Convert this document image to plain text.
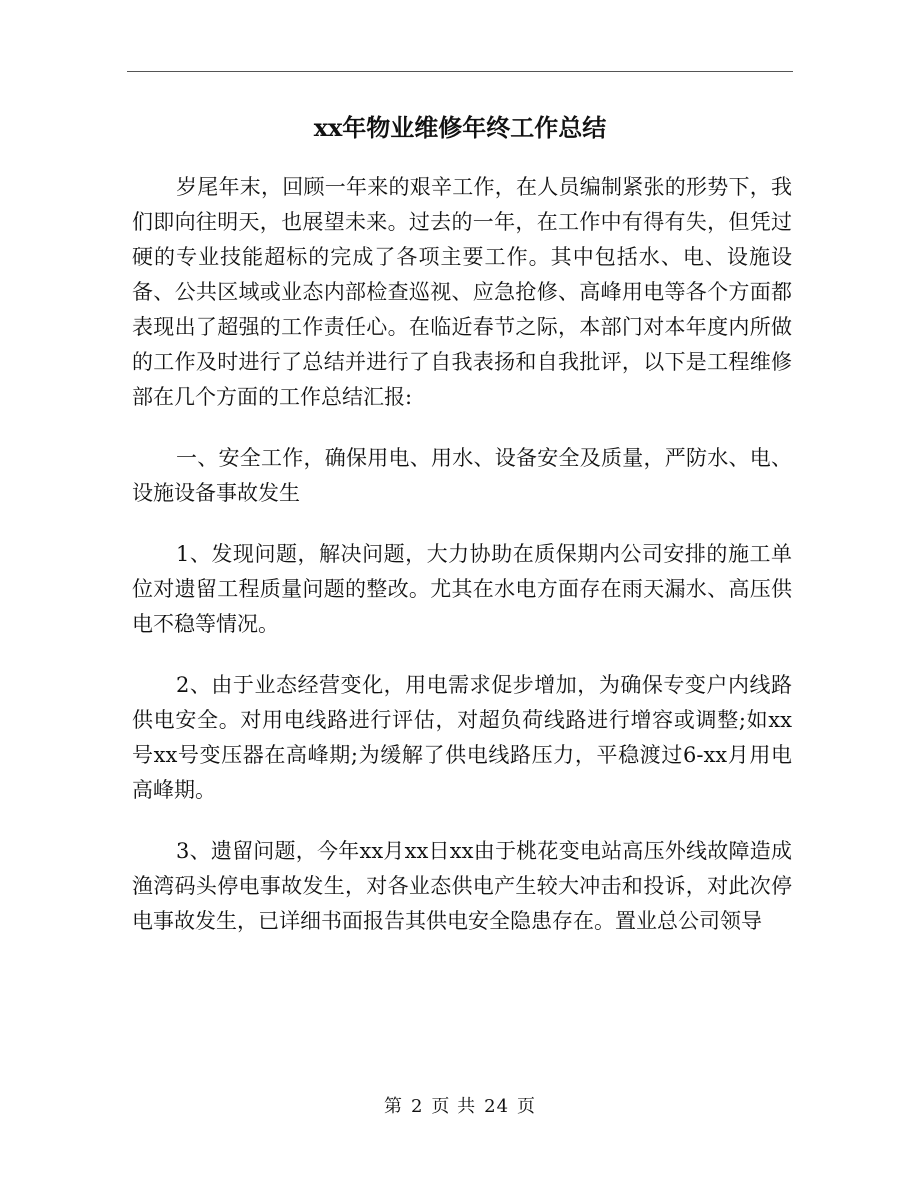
xx年物业维修年终工作总结

岁尾年末，回顾一年来的艰辛工作，在人员编制紧张的形势下，我们即向往明天，也展望未来。过去的一年，在工作中有得有失，但凭过硬的专业技能超标的完成了各项主要工作。其中包括水、电、设施设备、公共区域或业态内部检查巡视、应急抢修、高峰用电等各个方面都表现出了超强的工作责任心。在临近春节之际，本部门对本年度内所做的工作及时进行了总结并进行了自我表扬和自我批评，以下是工程维修部在几个方面的工作总结汇报:

一、安全工作，确保用电、用水、设备安全及质量，严防水、电、设施设备事故发生

1、发现问题，解决问题，大力协助在质保期内公司安排的施工单位对遗留工程质量问题的整改。尤其在水电方面存在雨天漏水、高压供电不稳等情况。

2、由于业态经营变化，用电需求促步增加，为确保专变户内线路供电安全。对用电线路进行评估，对超负荷线路进行增容或调整;如xx号xx号变压器在高峰期;为缓解了供电线路压力，平稳渡过6-xx月用电高峰期。

3、遗留问题，今年xx月xx日xx由于桃花变电站高压外线故障造成渔湾码头停电事故发生，对各业态供电产生较大冲击和投诉，对此次停电事故发生，已详细书面报告其供电安全隐患存在。置业总公司领导

第 2 页 共 24 页
